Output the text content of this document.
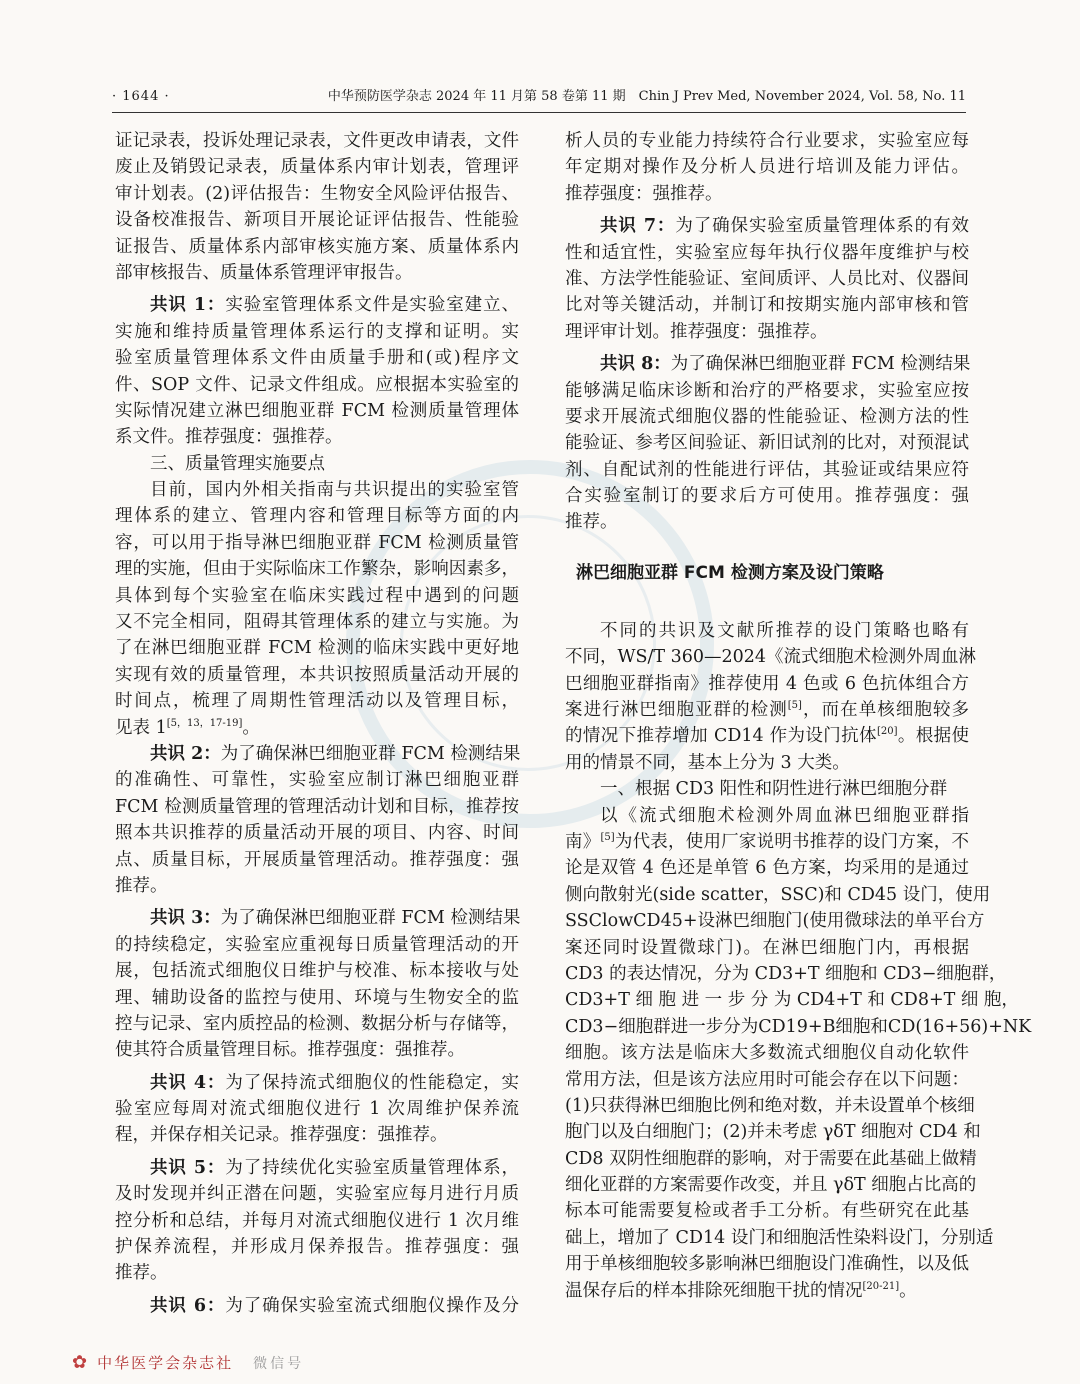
· 1644 ·	中华预防医学杂志 2024 年 11 月第 58 卷第 11 期　Chin J Prev Med, November 2024, Vol. 58, No. 11

证记录表，投诉处理记录表，文件更改申请表，文件

废止及销毁记录表，质量体系内审计划表，管理评

审计划表。(2)评估报告：生物安全风险评估报告、

设备校准报告、新项目开展论证评估报告、性能验

证报告、质量体系内部审核实施方案、质量体系内

部审核报告、质量体系管理评审报告。

共识 1：实验室管理体系文件是实验室建立、

实施和维持质量管理体系运行的支撑和证明。实

验室质量管理体系文件由质量手册和(或)程序文

件、SOP 文件、记录文件组成。应根据本实验室的

实际情况建立淋巴细胞亚群 FCM 检测质量管理体

系文件。推荐强度：强推荐。

三、质量管理实施要点

目前，国内外相关指南与共识提出的实验室管

理体系的建立、管理内容和管理目标等方面的内

容，可以用于指导淋巴细胞亚群 FCM 检测质量管

理的实施，但由于实际临床工作繁杂，影响因素多，

具体到每个实验室在临床实践过程中遇到的问题

又不完全相同，阻碍其管理体系的建立与实施。为

了在淋巴细胞亚群 FCM 检测的临床实践中更好地

实现有效的质量管理，本共识按照质量活动开展的

时间点，梳理了周期性管理活动以及管理目标，

见表 1[5，13，17-19]。

共识 2：为了确保淋巴细胞亚群 FCM 检测结果

的准确性、可靠性，实验室应制订淋巴细胞亚群

FCM 检测质量管理的管理活动计划和目标，推荐按

照本共识推荐的质量活动开展的项目、内容、时间

点、质量目标，开展质量管理活动。推荐强度：强

推荐。

共识 3：为了确保淋巴细胞亚群 FCM 检测结果

的持续稳定，实验室应重视每日质量管理活动的开

展，包括流式细胞仪日维护与校准、标本接收与处

理、辅助设备的监控与使用、环境与生物安全的监

控与记录、室内质控品的检测、数据分析与存储等，

使其符合质量管理目标。推荐强度：强推荐。

共识 4：为了保持流式细胞仪的性能稳定，实

验室应每周对流式细胞仪进行 1 次周维护保养流

程，并保存相关记录。推荐强度：强推荐。

共识 5：为了持续优化实验室质量管理体系，

及时发现并纠正潜在问题，实验室应每月进行月质

控分析和总结，并每月对流式细胞仪进行 1 次月维

护保养流程，并形成月保养报告。推荐强度：强

推荐。

共识 6：为了确保实验室流式细胞仪操作及分

析人员的专业能力持续符合行业要求，实验室应每

年定期对操作及分析人员进行培训及能力评估。

推荐强度：强推荐。

共识 7：为了确保实验室质量管理体系的有效

性和适宜性，实验室应每年执行仪器年度维护与校

准、方法学性能验证、室间质评、人员比对、仪器间

比对等关键活动，并制订和按期实施内部审核和管

理评审计划。推荐强度：强推荐。

共识 8：为了确保淋巴细胞亚群 FCM 检测结果

能够满足临床诊断和治疗的严格要求，实验室应按

要求开展流式细胞仪器的性能验证、检测方法的性

能验证、参考区间验证、新旧试剂的比对，对预混试

剂、自配试剂的性能进行评估，其验证或结果应符

合实验室制订的要求后方可使用。推荐强度：强

推荐。

淋巴细胞亚群 FCM 检测方案及设门策略

不同的共识及文献所推荐的设门策略也略有

不同，WS/T 360—2024《流式细胞术检测外周血淋

巴细胞亚群指南》推荐使用 4 色或 6 色抗体组合方

案进行淋巴细胞亚群的检测[5]，而在单核细胞较多

的情况下推荐增加 CD14 作为设门抗体[20]。根据使

用的情景不同，基本上分为 3 大类。

一、根据 CD3 阳性和阴性进行淋巴细胞分群

以《流式细胞术检测外周血淋巴细胞亚群指

南》[5]为代表，使用厂家说明书推荐的设门方案，不

论是双管 4 色还是单管 6 色方案，均采用的是通过

侧向散射光(side scatter，SSC)和 CD45 设门，使用

SSClowCD45+设淋巴细胞门(使用微球法的单平台方

案还同时设置微球门)。在淋巴细胞门内，再根据

CD3 的表达情况，分为 CD3+T 细胞和 CD3−细胞群，

CD3+T 细 胞 进 一 步 分 为 CD4+T 和 CD8+T 细 胞，

CD3−细胞群进一步分为CD19+B细胞和CD(16+56)+NK

细胞。该方法是临床大多数流式细胞仪自动化软件

常用方法，但是该方法应用时可能会存在以下问题：

(1)只获得淋巴细胞比例和绝对数，并未设置单个核细

胞门以及白细胞门；(2)并未考虑 γδT 细胞对 CD4 和

CD8 双阴性细胞群的影响，对于需要在此基础上做精

细化亚群的方案需要作改变，并且 γδT 细胞占比高的

标本可能需要复检或者手工分析。有些研究在此基

础上，增加了 CD14 设门和细胞活性染料设门，分别适

用于单核细胞较多影响淋巴细胞设门准确性，以及低

温保存后的样本排除死细胞干扰的情况[20-21]。

✿ 中华医学会杂志社 微信号
